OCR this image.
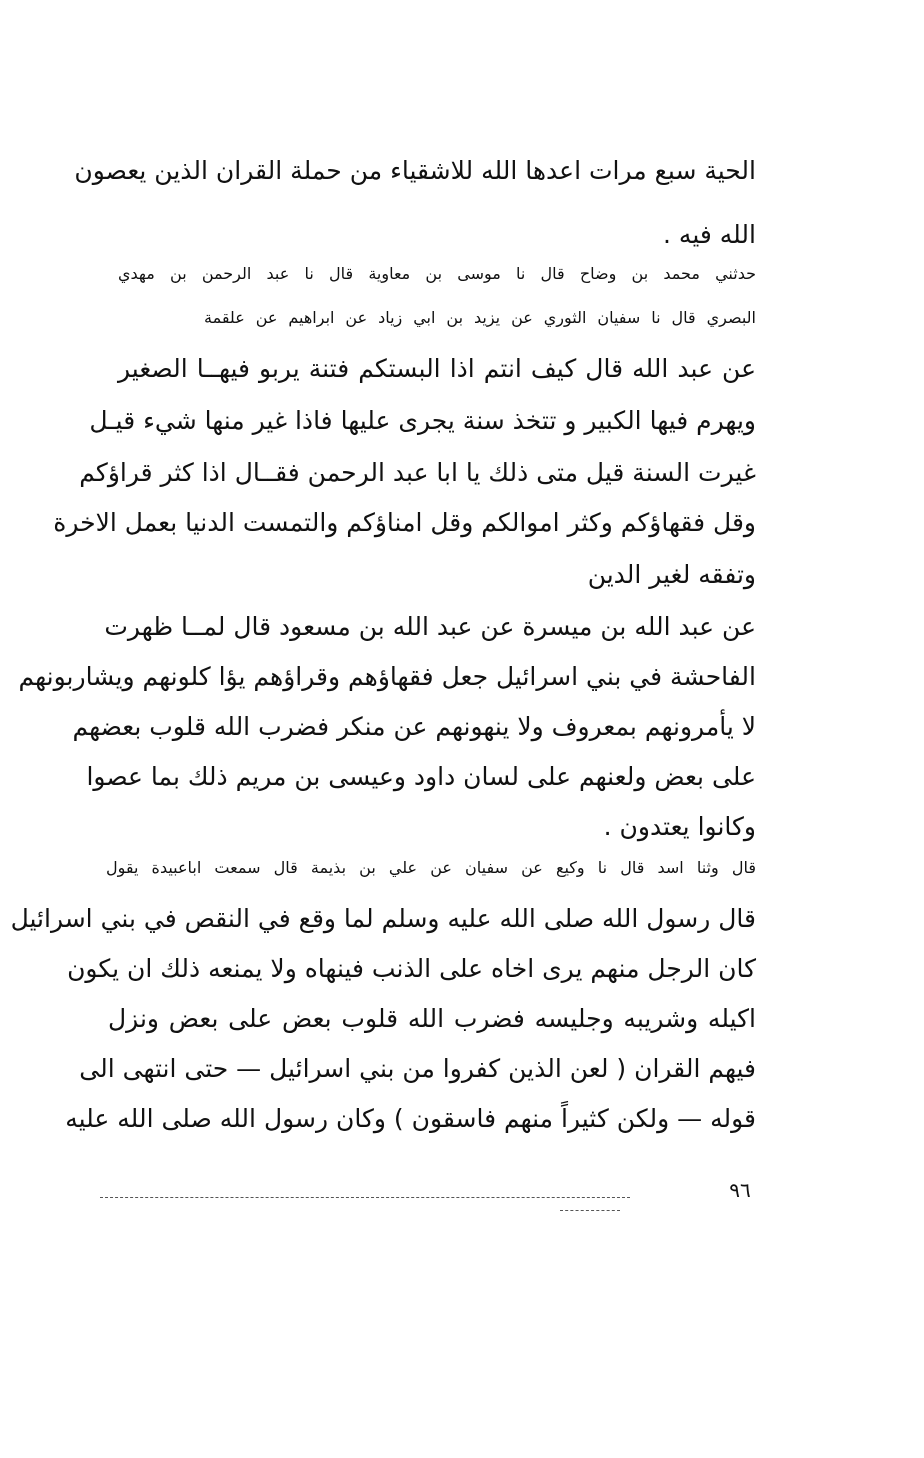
الحية سبع مرات اعدها الله للاشقياء من حملة القران الذين يعصون
الله فيه .
حدثني محمد بن وضاح قال نا موسى بن معاوية قال نا عبد الرحمن بن مهدي
البصري قال نا سفيان الثوري عن يزيد بن ابي زياد عن ابراهيم عن علقمة
عن عبد الله قال كيف انتم اذا البستكم فتنة يربو فيهــا الصغير
ويهرم فيها الكبير و تتخذ سنة يجرى عليها فاذا غير منها شيء قيـل
غيرت السنة قيل متى ذلك يا ابا عبد الرحمن فقــال اذا كثر قراؤكم
وقل فقهاؤكم وكثر اموالكم وقل امناؤكم والتمست الدنيا بعمل الاخرة
وتفقه لغير الدين
عن عبد الله بن ميسرة عن عبد الله بن مسعود قال لمــا ظهرت
الفاحشة في بني اسرائيل جعل فقهاؤهم وقراؤهم يؤا كلونهم ويشاربونهم
لا يأمرونهم بمعروف ولا ينهونهم عن منكر فضرب الله قلوب بعضهم
على بعض ولعنهم على لسان داود وعيسى بن مريم ذلك بما عصوا
وكانوا يعتدون .
قال وثنا اسد قال نا وكيع عن سفيان عن علي بن بذيمة قال سمعت اباعبيدة يقول
قال رسول الله صلى الله عليه وسلم لما وقع في النقص في بني اسرائيل
كان الرجل منهم يرى اخاه على الذنب فينهاه ولا يمنعه ذلك ان يكون
اكيله وشريبه وجليسه فضرب الله قلوب بعض على بعض ونزل
فيهم القران ( لعن الذين كفروا من بني اسرائيل — حتى انتهى الى
قوله — ولكن كثيراً منهم فاسقون ) وكان رسول الله صلى الله عليه
٩٦
